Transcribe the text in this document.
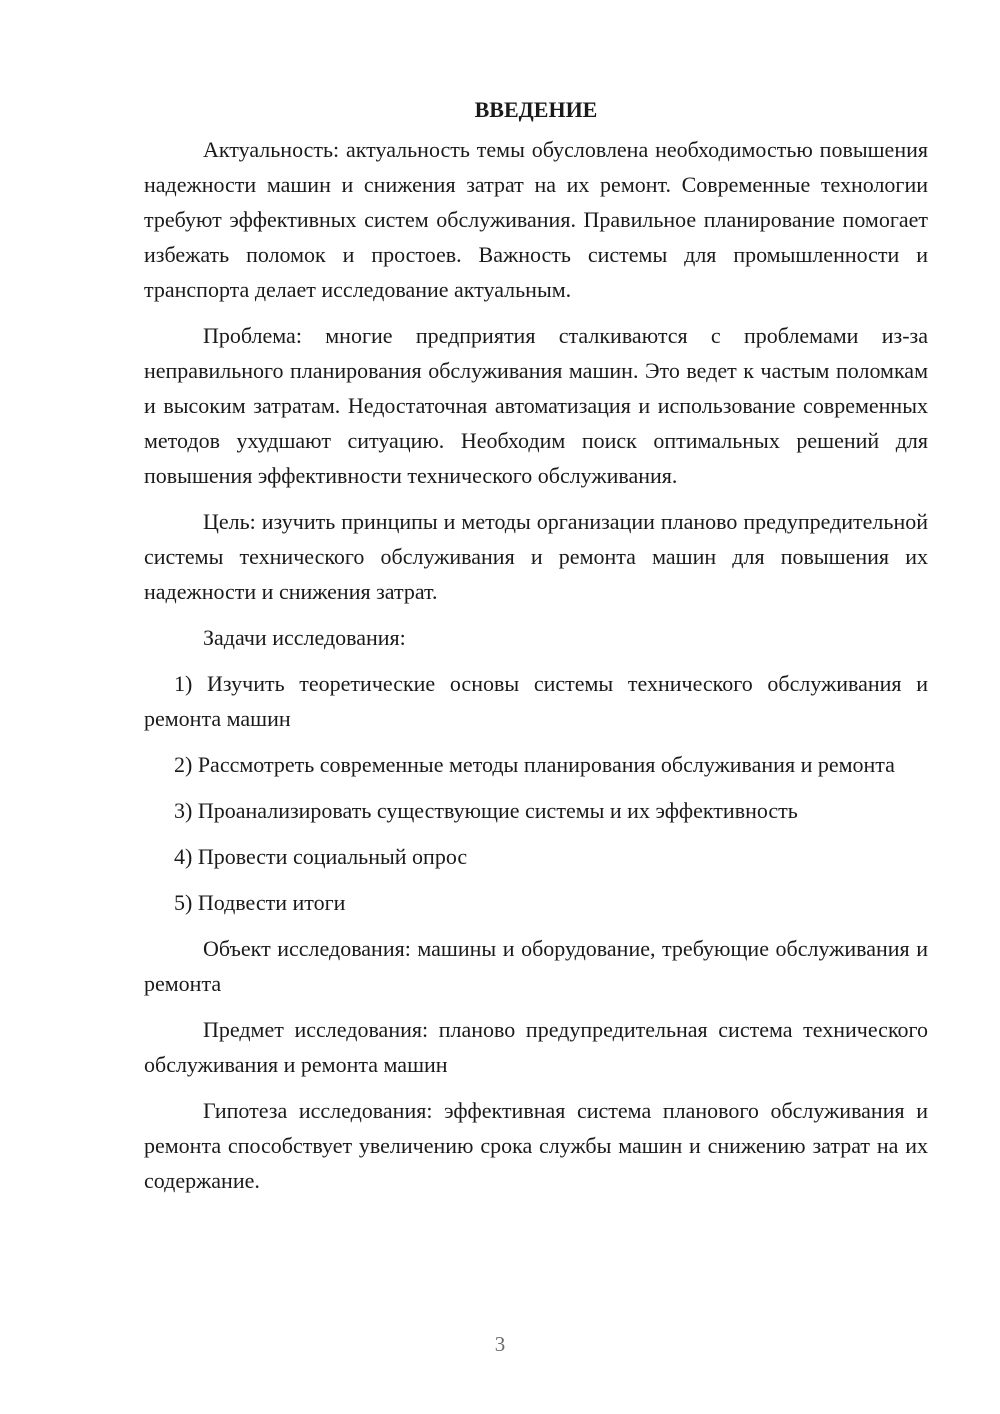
ВВЕДЕНИЕ

Актуальность: актуальность темы обусловлена необходимостью повышения надежности машин и снижения затрат на их ремонт. Современные технологии требуют эффективных систем обслуживания. Правильное планирование помогает избежать поломок и простоев. Важность системы для промышленности и транспорта делает исследование актуальным.

Проблема: многие предприятия сталкиваются с проблемами из-за неправильного планирования обслуживания машин. Это ведет к частым поломкам и высоким затратам. Недостаточная автоматизация и использование современных методов ухудшают ситуацию. Необходим поиск оптимальных решений для повышения эффективности технического обслуживания.

Цель: изучить принципы и методы организации планово предупредительной системы технического обслуживания и ремонта машин для повышения их надежности и снижения затрат.

Задачи исследования:

1) Изучить теоретические основы системы технического обслуживания и ремонта машин

2) Рассмотреть современные методы планирования обслуживания и ремонта

3) Проанализировать существующие системы и их эффективность

4) Провести социальный опрос

5) Подвести итоги

Объект исследования: машины и оборудование, требующие обслуживания и ремонта

Предмет исследования: планово предупредительная система технического обслуживания и ремонта машин

Гипотеза исследования: эффективная система планового обслуживания и ремонта способствует увеличению срока службы машин и снижению затрат на их содержание.

3
